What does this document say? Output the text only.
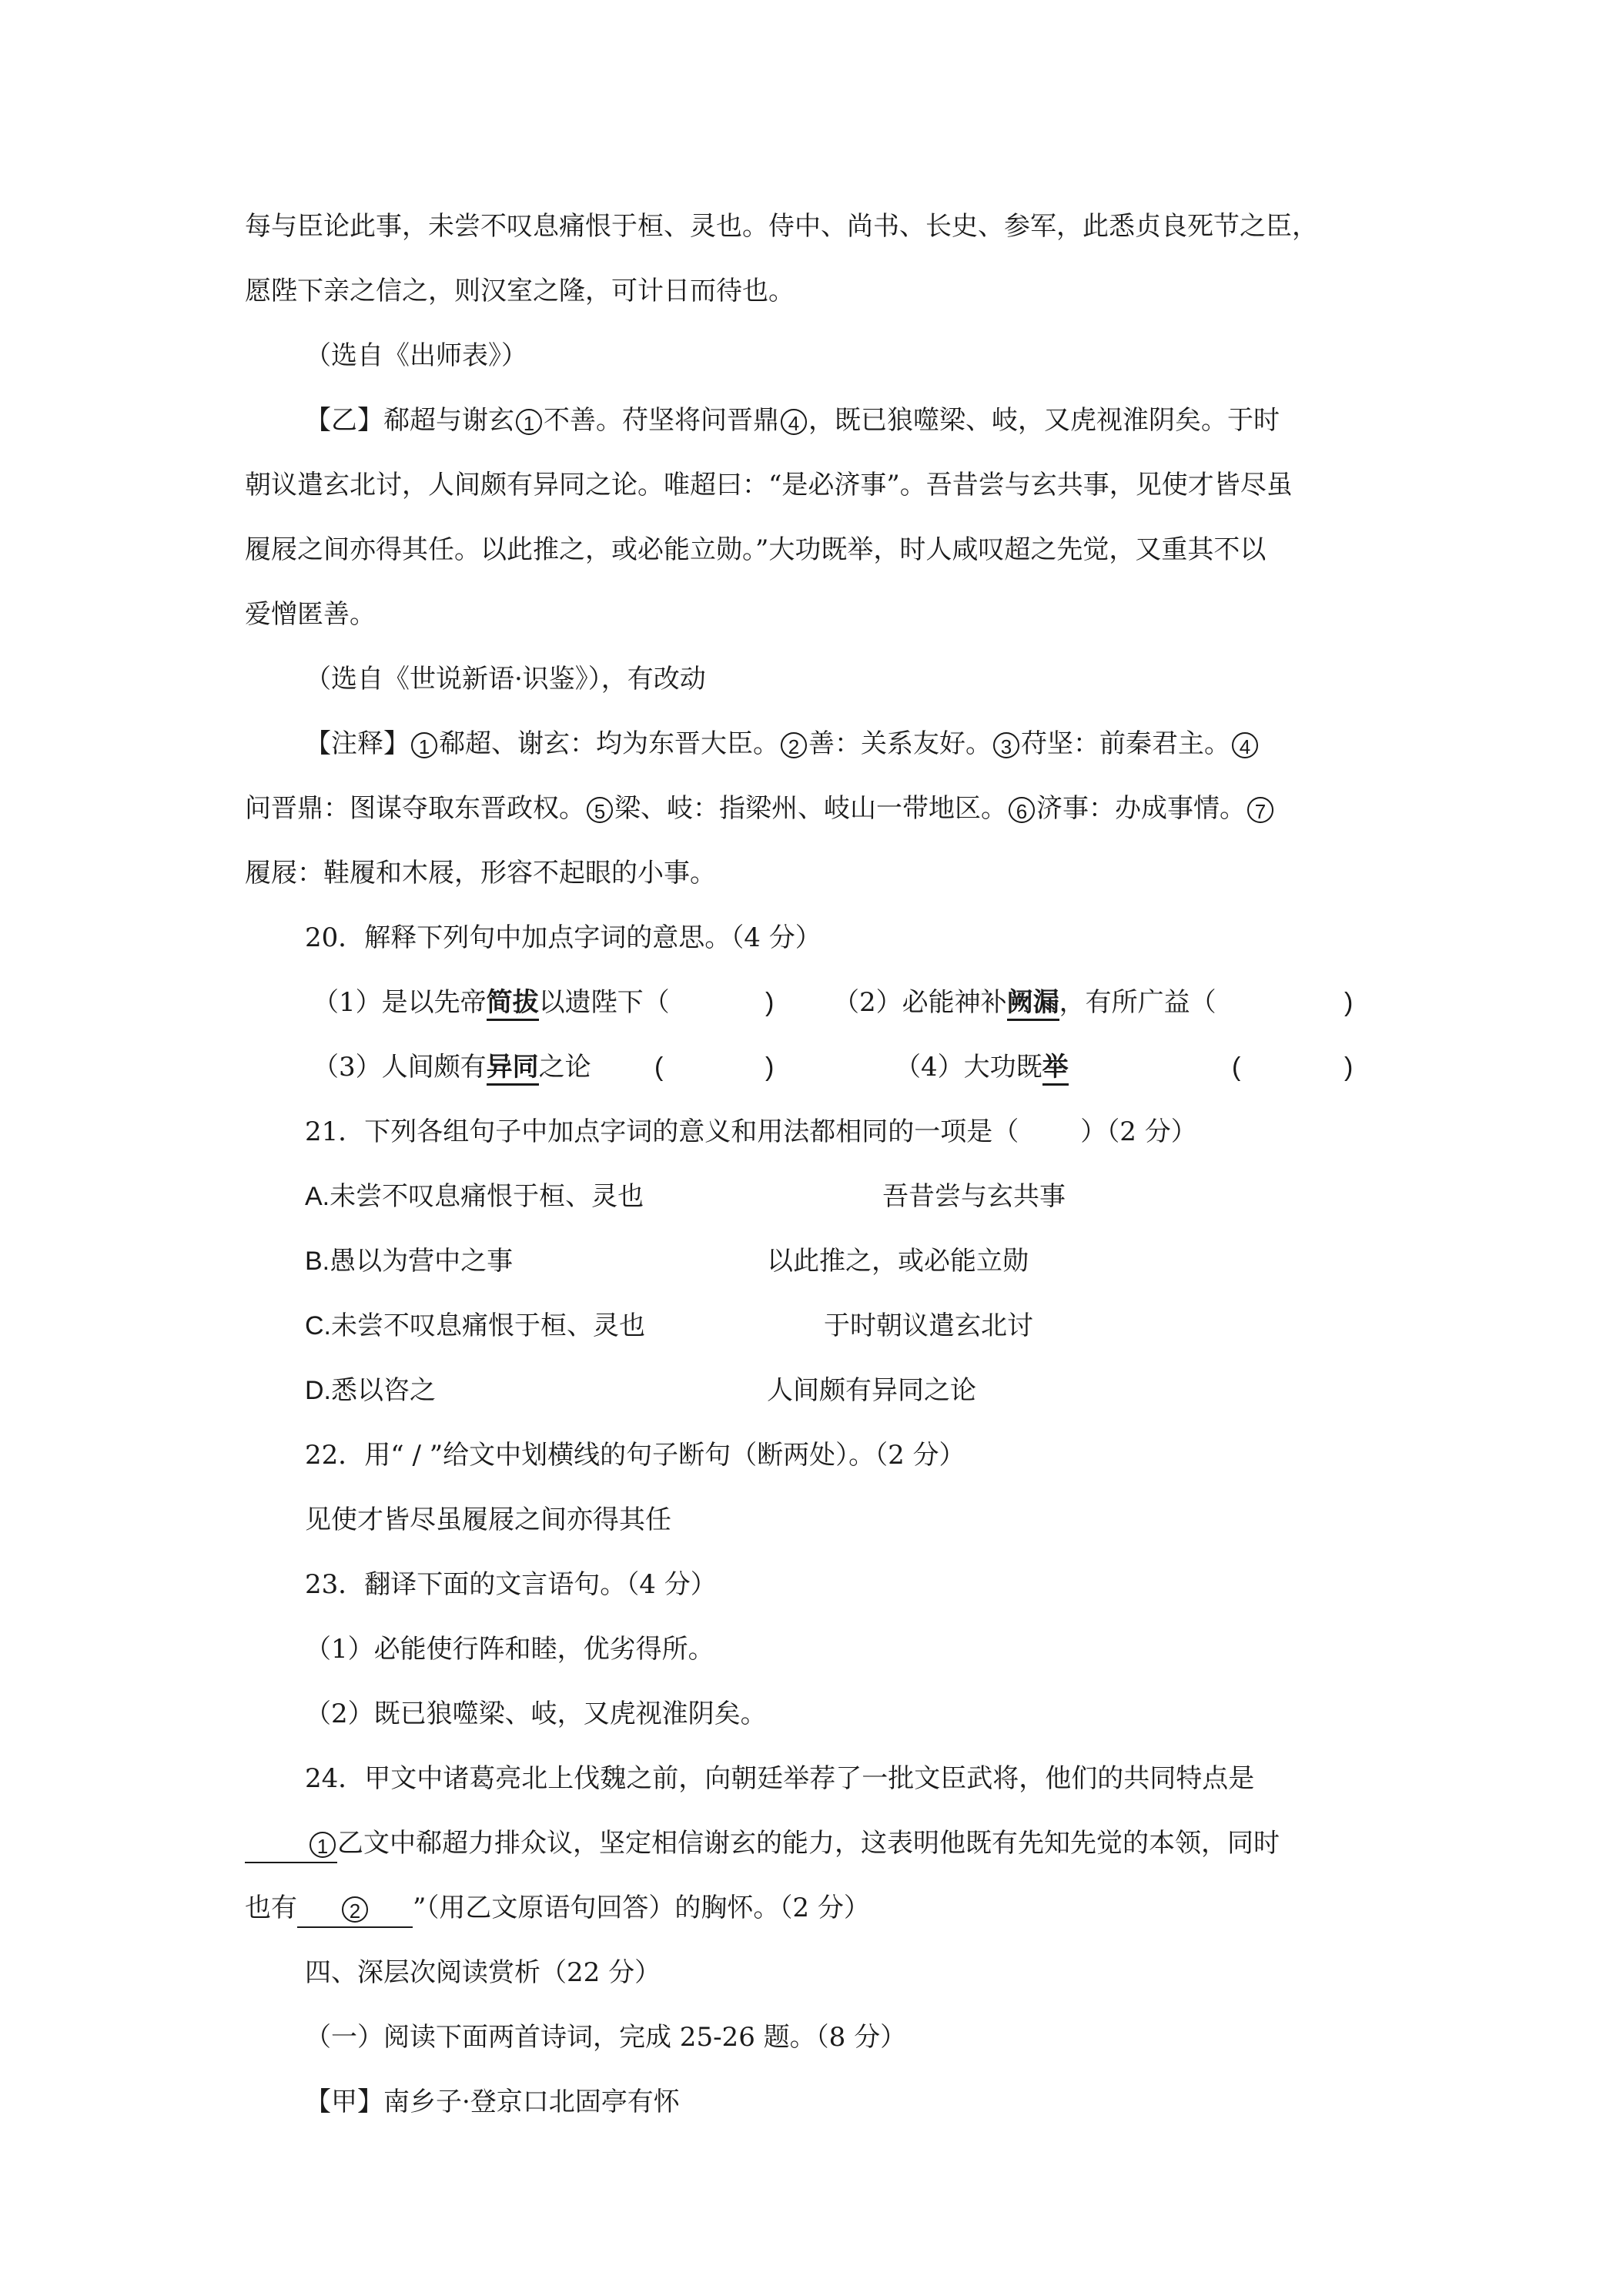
每与臣论此事，未尝不叹息痛恨于桓、灵也。侍中、尚书、长史、参军，此悉贞良死节之臣，

愿陛下亲之信之，则汉室之隆，可计日而待也。

（选自《出师表》）

【乙】郗超与谢玄 1 不善。苻坚将问晋鼎 4 ，既已狼噬梁、岐，又虎视淮阴矣。于时

朝议遣玄北讨，人间颇有异同之论。唯超曰：“是必济事”。吾昔尝与玄共事，见使才皆尽虽

履屐之间亦得其任。以此推之，或必能立勋。”大功既举，时人咸叹超之先觉，又重其不以

爱憎匿善。

（选自《世说新语·识鉴》），有改动

【注释】 1 郗超、谢玄：均为东晋大臣。 2 善：关系友好。 3 苻坚：前秦君主。 4

问晋鼎：图谋夺取东晋政权。 5 梁、岐：指梁州、岐山一带地区。 6 济事：办成事情。 7

履屐：鞋履和木屐，形容不起眼的小事。

20．解释下列句中加点字词的意思。（4 分）

（1）是以先帝简拔以遗陛下（	) （2）必能神补阙漏，有所广益（	)
（3）人间颇有异同之论 (	)	（4）大功既举	(	)

21．下列各组句子中加点字词的意义和用法都相同的一项是（ ）（2 分）

A.未尝不叹息痛恨于桓、灵也	吾昔尝与玄共事
B.愚以为营中之事	以此推之，或必能立勋
C.未尝不叹息痛恨于桓、灵也	于时朝议遣玄北讨
D.悉以咨之	人间颇有异同之论

22．用“ / ”给文中划横线的句子断句（断两处）。（2 分）

见使才皆尽虽履屐之间亦得其任

23．翻译下面的文言语句。（4 分）

（1）必能使行阵和睦，优劣得所。

（2）既已狼噬梁、岐，又虎视淮阴矣。

24．甲文中诸葛亮北上伐魏之前，向朝廷举荐了一批文臣武将，他们的共同特点是

1 乙文中郗超力排众议，坚定相信谢玄的能力，这表明他既有先知先觉的本领，同时

也有	2 ”（用乙文原语句回答）的胸怀。（2 分）

四、深层次阅读赏析（22 分）

（一）阅读下面两首诗词，完成 25-26 题。（8 分）

【甲】南乡子·登京口北固亭有怀
